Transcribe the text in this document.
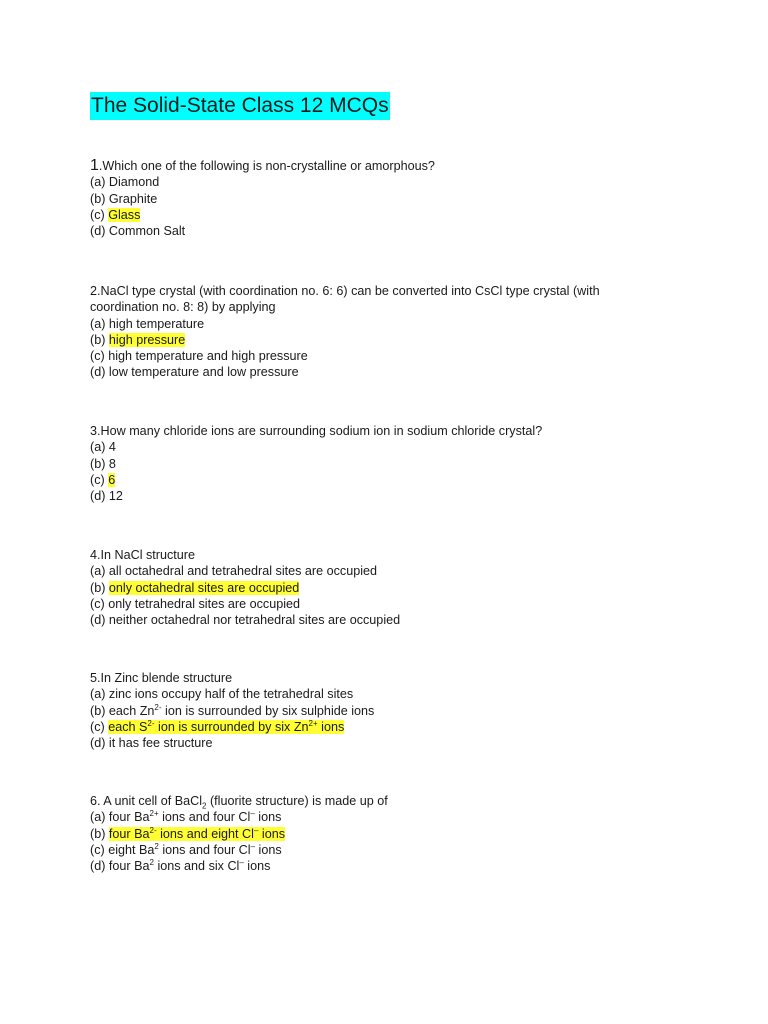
The Solid-State Class 12 MCQs

1.Which one of the following is non-crystalline or amorphous?

(a) Diamond

(b) Graphite

(c) Glass

(d) Common Salt

2.NaCl type crystal (with coordination no. 6: 6) can be converted into CsCl type crystal (with

coordination no. 8: 8) by applying

(a) high temperature

(b) high pressure

(c) high temperature and high pressure

(d) low temperature and low pressure

3.How many chloride ions are surrounding sodium ion in sodium chloride crystal?

(a) 4

(b) 8

(c) 6

(d) 12

4.In NaCl structure

(a) all octahedral and tetrahedral sites are occupied

(b) only octahedral sites are occupied

(c) only tetrahedral sites are occupied

(d) neither octahedral nor tetrahedral sites are occupied

5.In Zinc blende structure

(a) zinc ions occupy half of the tetrahedral sites

(b) each $Zn^{2-}$ ion is surrounded by six sulphide ions

(c) each $S^{2-}$ ion is surrounded by six $Zn^{2+}$ ions

(d) it has fee structure

6. A unit cell of BaCl$_2$ (fluorite structure) is made up of

(a) four $Ba^{2+}$ ions and four Cl– ions

(b) four $Ba^{2-}$ ions and eight Cl– ions

(c) eight Ba$^2$ ions and four Cl– ions

(d) four Ba$^2$ ions and six Cl– ions
